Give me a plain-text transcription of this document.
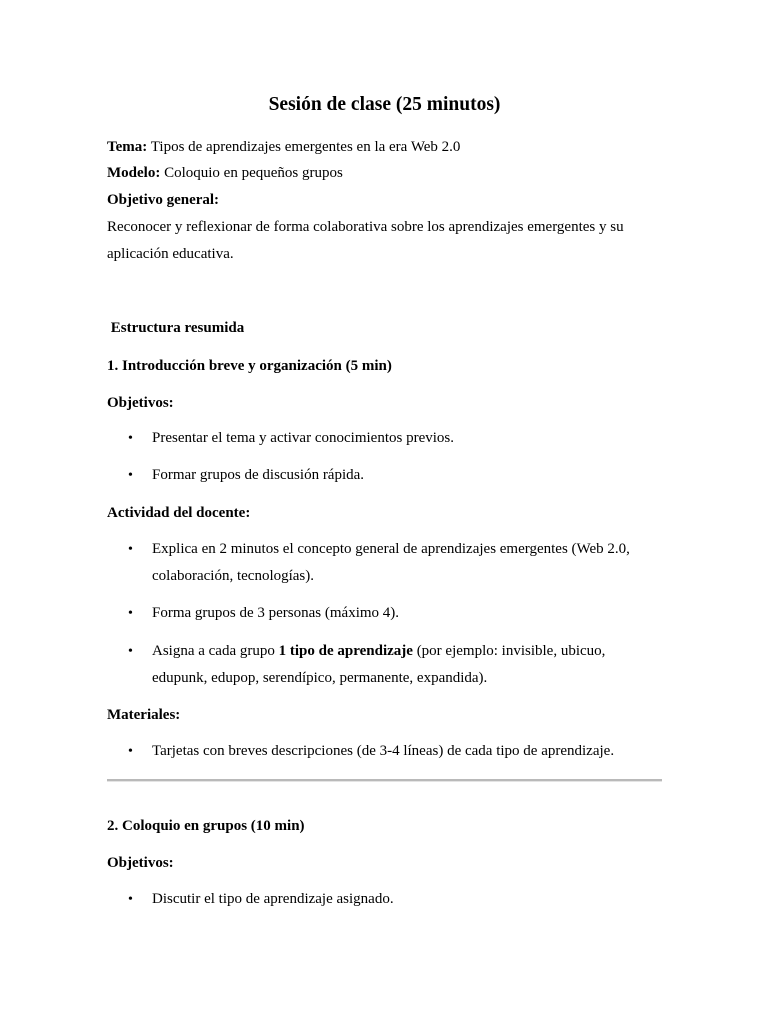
Sesión de clase (25 minutos)

Tema: Tipos de aprendizajes emergentes en la era Web 2.0

Modelo: Coloquio en pequeños grupos

Objetivo general:

Reconocer y reflexionar de forma colaborativa sobre los aprendizajes emergentes y su

aplicación educativa.

Estructura resumida

1. Introducción breve y organización (5 min)

Objetivos:

• Presentar el tema y activar conocimientos previos.
• Formar grupos de discusión rápida.

Actividad del docente:

• Explica en 2 minutos el concepto general de aprendizajes emergentes (Web 2.0,
colaboración, tecnologías).
• Forma grupos de 3 personas (máximo 4).
• Asigna a cada grupo 1 tipo de aprendizaje (por ejemplo: invisible, ubicuo,
edupunk, edupop, serendípico, permanente, expandida).

Materiales:

• Tarjetas con breves descripciones (de 3-4 líneas) de cada tipo de aprendizaje.

2. Coloquio en grupos (10 min)

Objetivos:

• Discutir el tipo de aprendizaje asignado.
